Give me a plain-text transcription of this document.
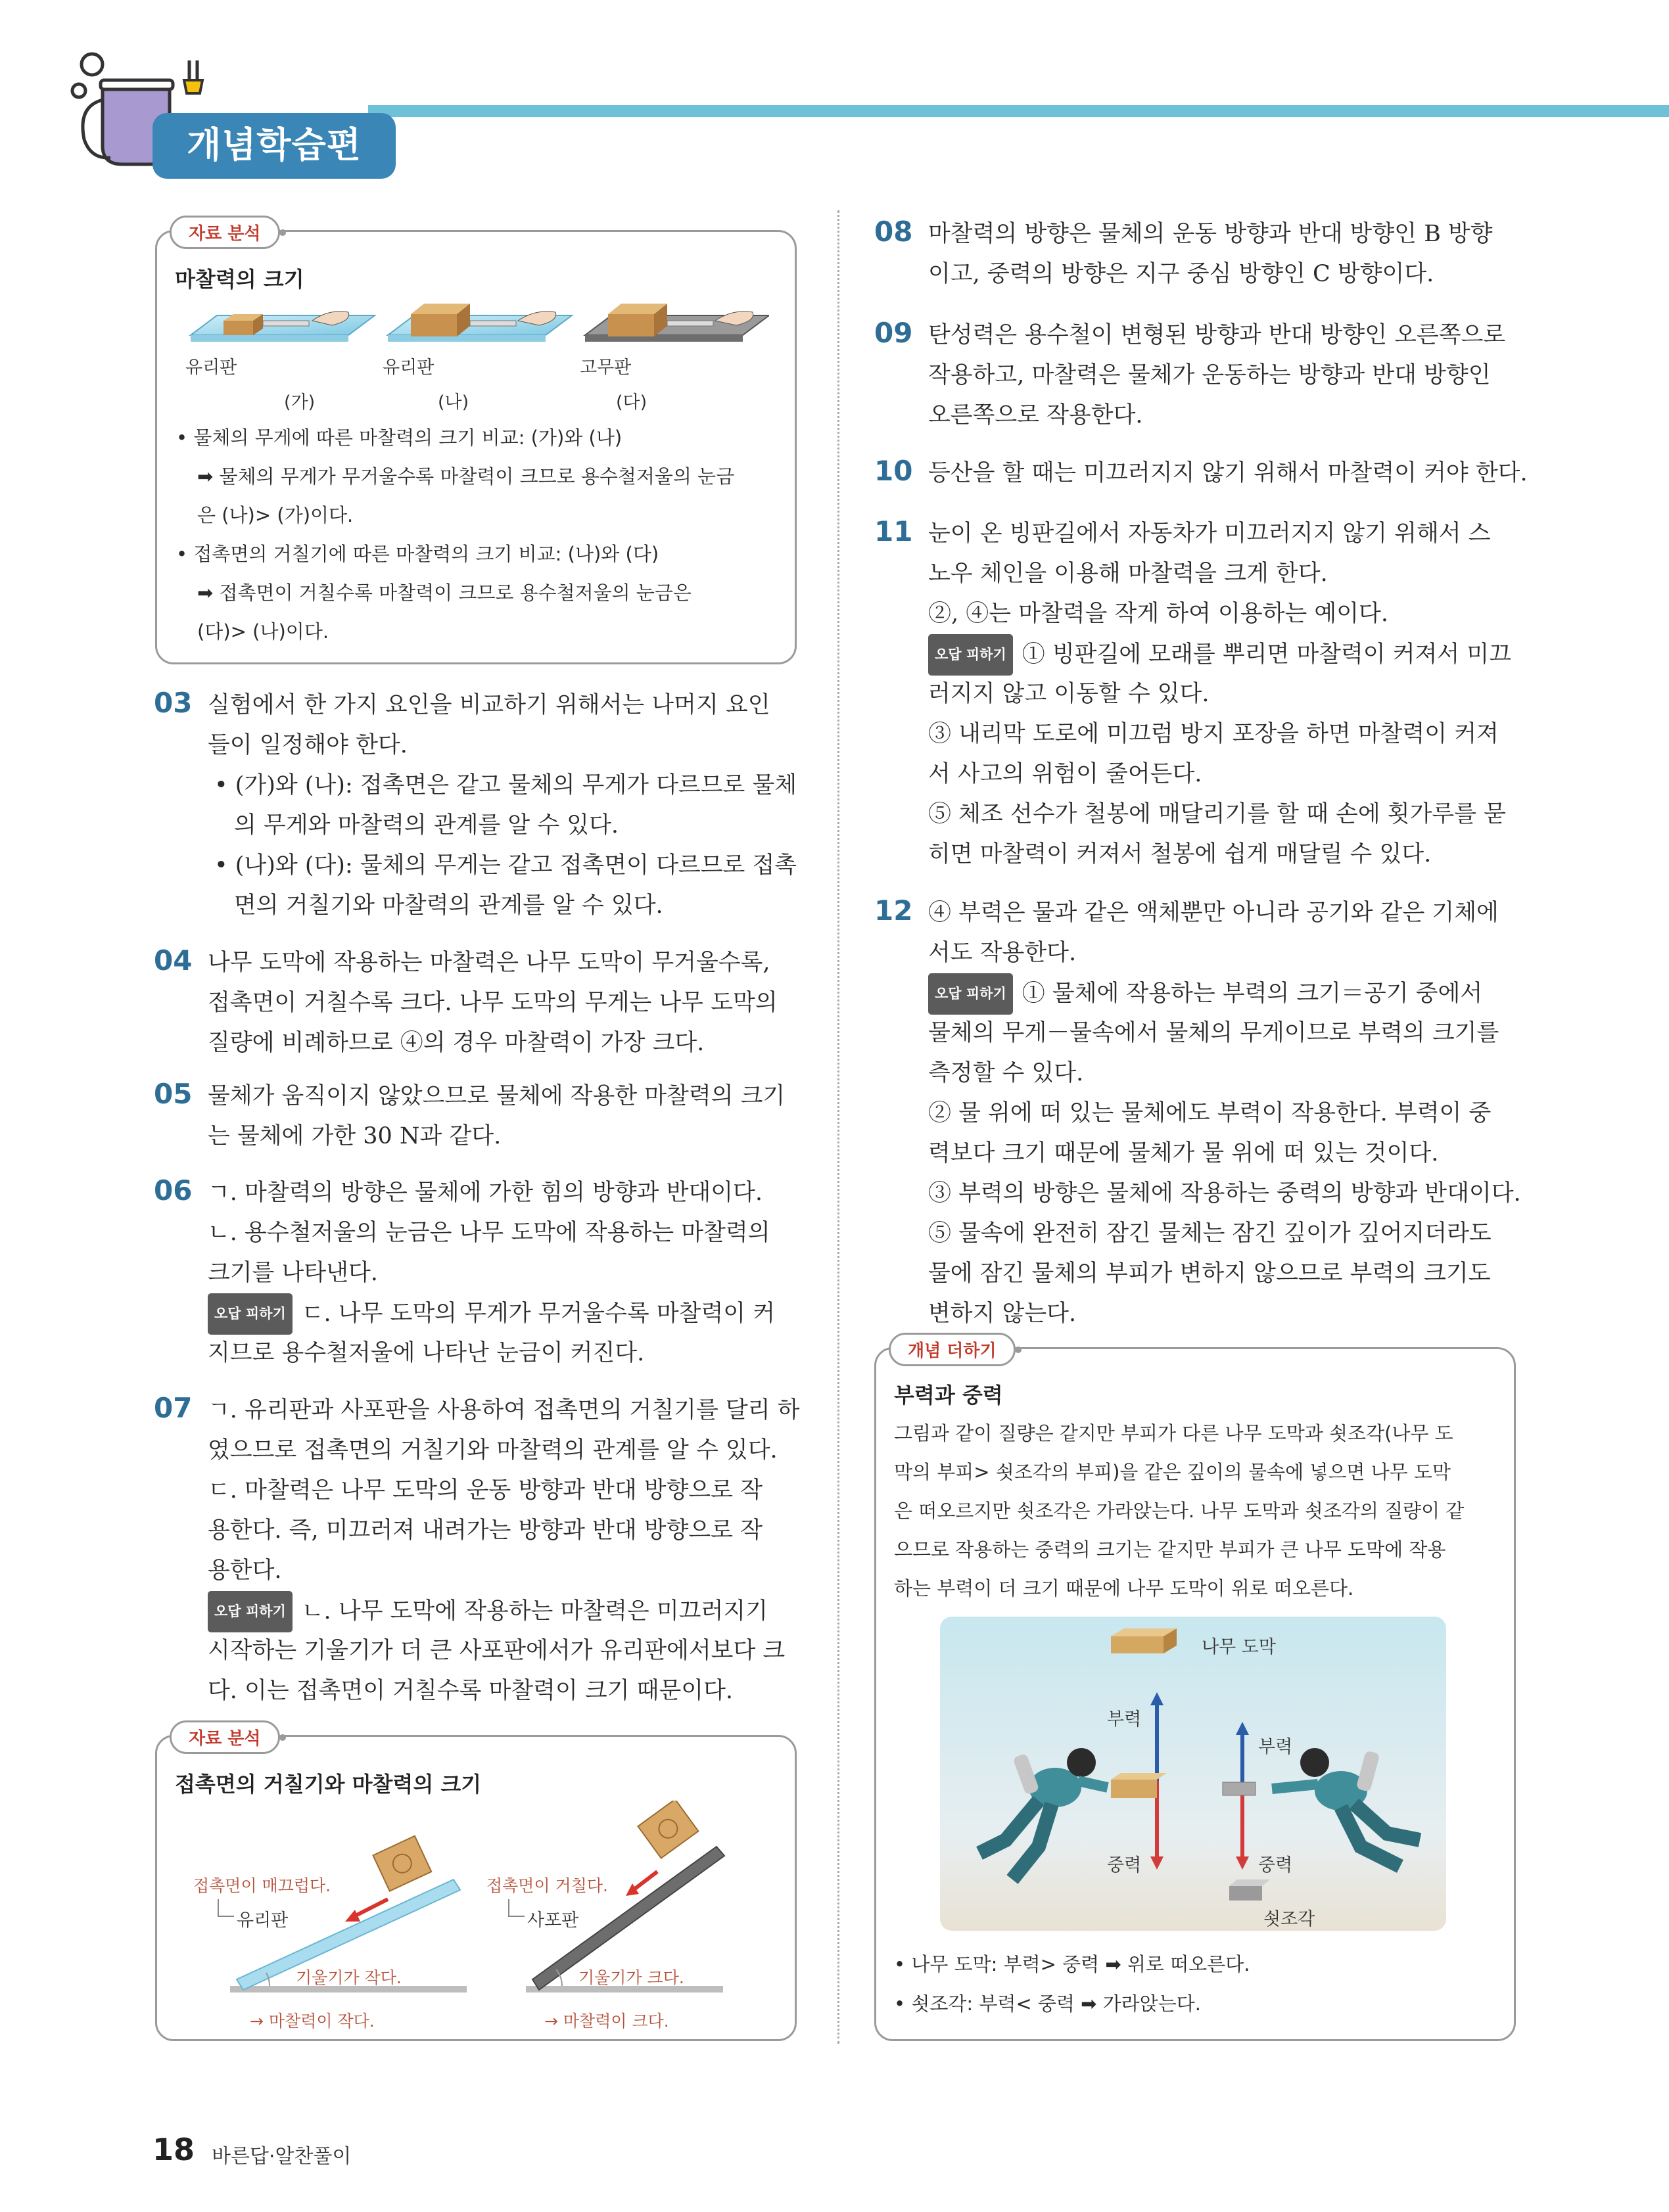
개념학습편
자료 분석
마찰력의 크기
유리판	유리판	고무판
(가)	(나)	(다)
• 물체의 무게에 따른 마찰력의 크기 비교: (가)와 (나)
➡ 물체의 무게가 무거울수록 마찰력이 크므로 용수철저울의 눈금
은 (나)> (가)이다.
• 접촉면의 거칠기에 따른 마찰력의 크기 비교: (나)와 (다)
➡ 접촉면이 거칠수록 마찰력이 크므로 용수철저울의 눈금은
(다)> (나)이다.
03 실험에서 한 가지 요인을 비교하기 위해서는 나머지 요인
들이 일정해야 한다.
• (가)와 (나): 접촉면은 같고 물체의 무게가 다르므로 물체
의 무게와 마찰력의 관계를 알 수 있다.
• (나)와 (다): 물체의 무게는 같고 접촉면이 다르므로 접촉
면의 거칠기와 마찰력의 관계를 알 수 있다.
04 나무 도막에 작용하는 마찰력은 나무 도막이 무거울수록,
접촉면이 거칠수록 크다. 나무 도막의 무게는 나무 도막의
질량에 비례하므로 ④의 경우 마찰력이 가장 크다.
05 물체가 움직이지 않았으므로 물체에 작용한 마찰력의 크기
는 물체에 가한 30 N과 같다.
06 ㄱ. 마찰력의 방향은 물체에 가한 힘의 방향과 반대이다.
ㄴ. 용수철저울의 눈금은 나무 도막에 작용하는 마찰력의
크기를 나타낸다.
오답 피하기 ㄷ. 나무 도막의 무게가 무거울수록 마찰력이 커
지므로 용수철저울에 나타난 눈금이 커진다.
07 ㄱ. 유리판과 사포판을 사용하여 접촉면의 거칠기를 달리 하
였으므로 접촉면의 거칠기와 마찰력의 관계를 알 수 있다.
ㄷ. 마찰력은 나무 도막의 운동 방향과 반대 방향으로 작
용한다. 즉, 미끄러져 내려가는 방향과 반대 방향으로 작
용한다.
오답 피하기 ㄴ. 나무 도막에 작용하는 마찰력은 미끄러지기
시작하는 기울기가 더 큰 사포판에서가 유리판에서보다 크
다. 이는 접촉면이 거칠수록 마찰력이 크기 때문이다.
자료 분석
접촉면의 거칠기와 마찰력의 크기
접촉면이 매끄럽다.
유리판
기울기가 작다.
→ 마찰력이 작다.
접촉면이 거칠다.
사포판
기울기가 크다.
→ 마찰력이 크다.
08 마찰력의 방향은 물체의 운동 방향과 반대 방향인 B 방향
이고, 중력의 방향은 지구 중심 방향인 C 방향이다.
09 탄성력은 용수철이 변형된 방향과 반대 방향인 오른쪽으로
작용하고, 마찰력은 물체가 운동하는 방향과 반대 방향인
오른쪽으로 작용한다.
10 등산을 할 때는 미끄러지지 않기 위해서 마찰력이 커야 한다.
11 눈이 온 빙판길에서 자동차가 미끄러지지 않기 위해서 스
노우 체인을 이용해 마찰력을 크게 한다.
②, ④는 마찰력을 작게 하여 이용하는 예이다.
오답 피하기 ① 빙판길에 모래를 뿌리면 마찰력이 커져서 미끄
러지지 않고 이동할 수 있다.
③ 내리막 도로에 미끄럼 방지 포장을 하면 마찰력이 커져
서 사고의 위험이 줄어든다.
⑤ 체조 선수가 철봉에 매달리기를 할 때 손에 횟가루를 묻
히면 마찰력이 커져서 철봉에 쉽게 매달릴 수 있다.
12 ④ 부력은 물과 같은 액체뿐만 아니라 공기와 같은 기체에
서도 작용한다.
오답 피하기 ① 물체에 작용하는 부력의 크기＝공기 중에서
물체의 무게－물속에서 물체의 무게이므로 부력의 크기를
측정할 수 있다.
② 물 위에 떠 있는 물체에도 부력이 작용한다. 부력이 중
력보다 크기 때문에 물체가 물 위에 떠 있는 것이다.
③ 부력의 방향은 물체에 작용하는 중력의 방향과 반대이다.
⑤ 물속에 완전히 잠긴 물체는 잠긴 깊이가 깊어지더라도
물에 잠긴 물체의 부피가 변하지 않으므로 부력의 크기도
변하지 않는다.
개념 더하기
부력과 중력
그림과 같이 질량은 같지만 부피가 다른 나무 도막과 쇳조각(나무 도
막의 부피> 쇳조각의 부피)을 같은 깊이의 물속에 넣으면 나무 도막
은 떠오르지만 쇳조각은 가라앉는다. 나무 도막과 쇳조각의 질량이 같
으므로 작용하는 중력의 크기는 같지만 부피가 큰 나무 도막에 작용
하는 부력이 더 크기 때문에 나무 도막이 위로 떠오른다.
나무 도막
부력
중력
부력
중력
쇳조각
• 나무 도막: 부력> 중력 ➡ 위로 떠오른다.
• 쇳조각: 부력< 중력 ➡ 가라앉는다.
18 바른답·알찬풀이
